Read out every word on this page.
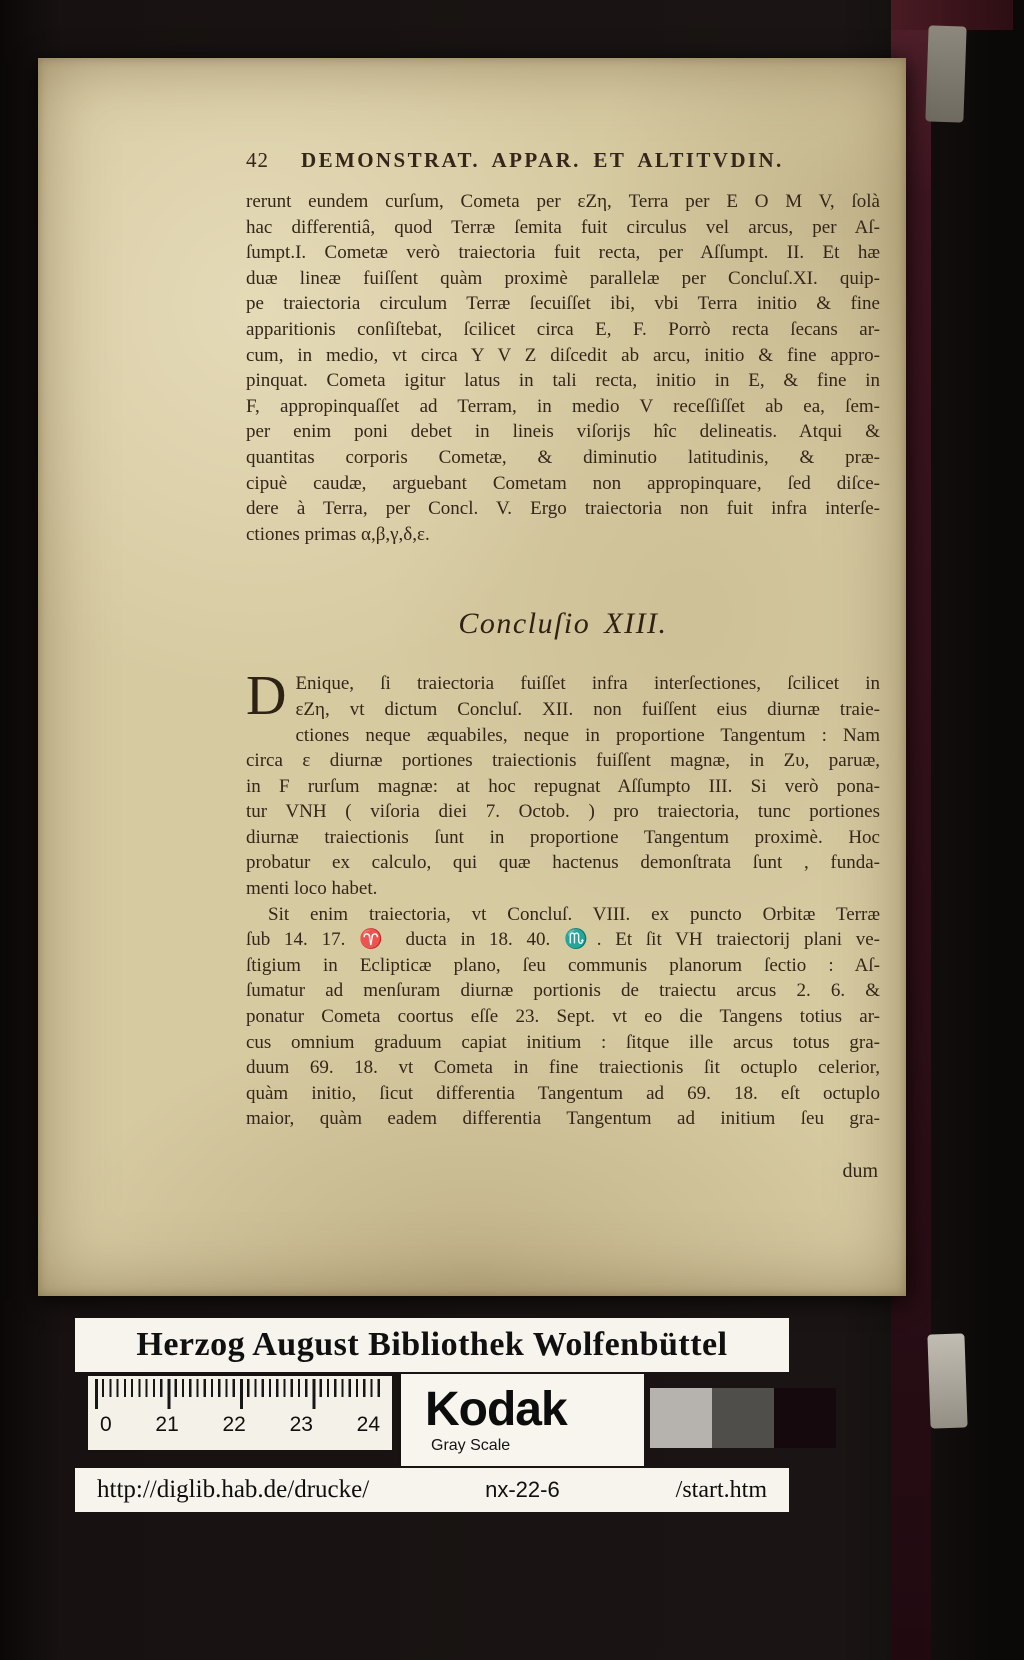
42 DEMONSTRAT. APPAR. ET ALTITVDIN.
rerunt eundem curſum, Cometa per εZη, Terra per E O M V, ſolà
hac differentiâ, quod Terræ ſemita fuit circulus vel arcus, per Aſ-
ſumpt.I. Cometæ verò traiectoria fuit recta, per Aſſumpt. II. Et hæ
duæ lineæ fuiſſent quàm proximè parallelæ per Concluſ.XI. quip-
pe traiectoria circulum Terræ ſecuiſſet ibi, vbi Terra initio & fine
apparitionis conſiſtebat, ſcilicet circa E, F. Porrò recta ſecans ar-
cum, in medio, vt circa Y V Z diſcedit ab arcu, initio & fine appro-
pinquat. Cometa igitur latus in tali recta, initio in E, & fine in
F, appropinquaſſet ad Terram, in medio V receſſiſſet ab ea, ſem-
per enim poni debet in lineis viſorijs hîc delineatis. Atqui &
quantitas corporis Cometæ, & diminutio latitudinis, & præ-
cipuè caudæ, arguebant Cometam non appropinquare, ſed diſce-
dere à Terra, per Concl. V. Ergo traiectoria non fuit infra interſe-
ctiones primas α,β,γ,δ,ε.
Concluſio XIII.
D Enique, ſi traiectoria fuiſſet infra interſectiones, ſcilicet in
εZη, vt dictum Concluſ. XII. non fuiſſent eius diurnæ traie-
ctiones neque æquabiles, neque in proportione Tangentum : Nam
circa ε diurnæ portiones traiectionis fuiſſent magnæ, in Zυ, paruæ,
in F rurſum magnæ: at hoc repugnat Aſſumpto III. Si verò pona-
tur VNH ( viſoria diei 7. Octob. ) pro traiectoria, tunc portiones
diurnæ traiectionis ſunt in proportione Tangentum proximè. Hoc
probatur ex calculo, qui quæ hactenus demonſtrata ſunt , funda-
menti loco habet.
Sit enim traiectoria, vt Concluſ. VIII. ex puncto Orbitæ Terræ
ſub 14. 17. ♈ ducta in 18. 40. ♏. Et ſit VH traiectorij plani ve-
ſtigium in Eclipticæ plano, ſeu communis planorum ſectio : Aſ-
ſumatur ad menſuram diurnæ portionis de traiectu arcus 2. 6. &
ponatur Cometa coortus eſſe 23. Sept. vt eo die Tangens totius ar-
cus omnium graduum capiat initium : ſitque ille arcus totus gra-
duum 69. 18. vt Cometa in fine traiectionis ſit octuplo celerior,
quàm initio, ſicut differentia Tangentum ad 69. 18. eſt octuplo
maior, quàm eadem differentia Tangentum ad initium ſeu gra-
dum
Herzog August Bibliothek Wolfenbüttel
0 21 22 23 24 Kodak
Gray Scale
http://diglib.hab.de/drucke/	nx-22-6	/start.htm
